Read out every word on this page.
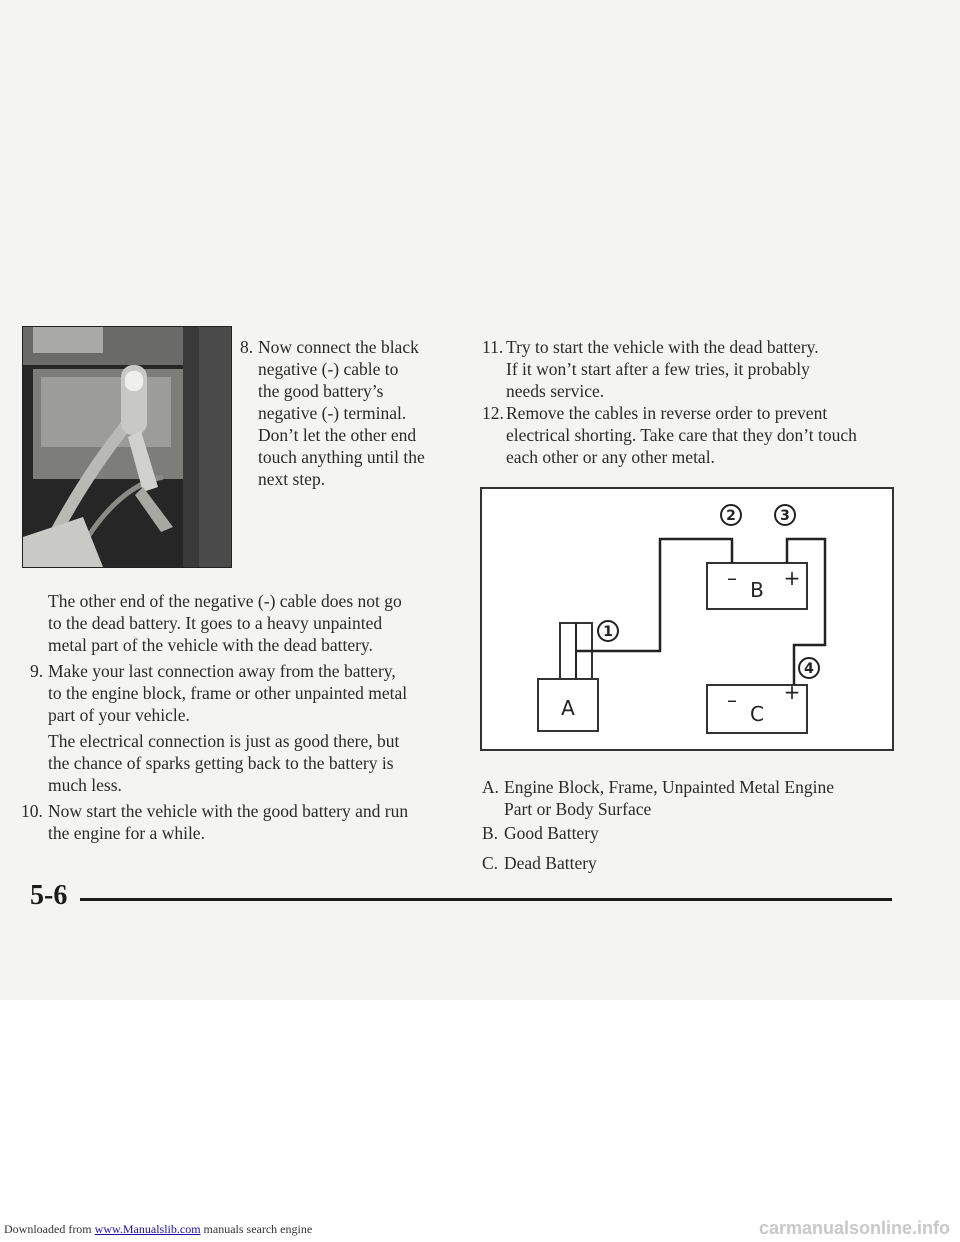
8. Now connect the black
negative (-) cable to
the good battery’s
negative (-) terminal.
Don’t let the other end
touch anything until the
next step.
The other end of the negative (-) cable does not go
to the dead battery. It goes to a heavy unpainted
metal part of the vehicle with the dead battery.
9. Make your last connection away from the battery,
to the engine block, frame or other unpainted metal
part of your vehicle.
The electrical connection is just as good there, but
the chance of sparks getting back to the battery is
much less.
10. Now start the vehicle with the good battery and run
the engine for a while.
11. Try to start the vehicle with the dead battery.
If it won’t start after a few tries, it probably
needs service.
12. Remove the cables in reverse order to prevent
electrical shorting. Take care that they don’t touch
each other or any other metal.
– B +
–
C
+
A
2	3
1
4
A. Engine Block, Frame, Unpainted Metal Engine
Part or Body Surface
B. Good Battery
C. Dead Battery
5-6
Downloaded from www.Manualslib.com manuals search engine	carmanualsonline.info
